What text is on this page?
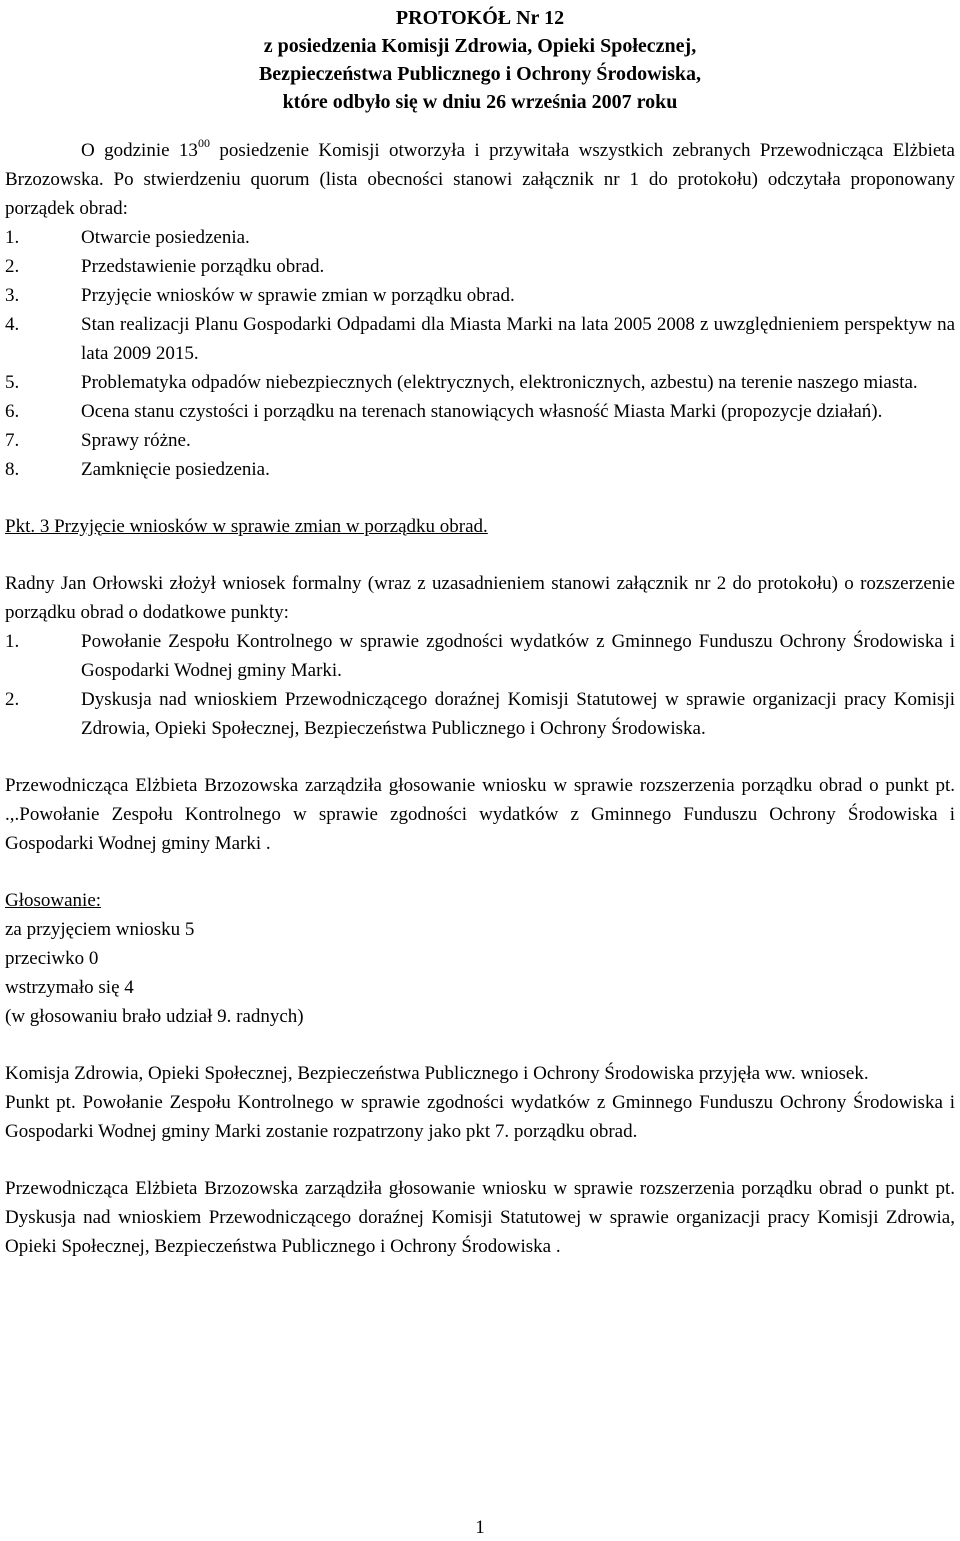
PROTOKÓŁ Nr 12
z posiedzenia Komisji Zdrowia, Opieki Społecznej,
Bezpieczeństwa Publicznego i Ochrony Środowiska,
które odbyło się w dniu 26 września 2007 roku

O godzinie $13^{00}$ posiedzenie Komisji otworzyła i przywitała wszystkich zebranych Przewodnicząca Elżbieta Brzozowska. Po stwierdzeniu quorum (lista obecności stanowi załącznik nr 1 do protokołu) odczytała proponowany porządek obrad:

1.	Otwarcie posiedzenia.
2.	Przedstawienie porządku obrad.
3.	Przyjęcie wniosków w sprawie zmian w porządku obrad.
4.	Stan realizacji Planu Gospodarki Odpadami dla Miasta Marki na lata 2005 2008 z uwzględnieniem perspektyw na lata 2009 2015.
5.	Problematyka odpadów niebezpiecznych (elektrycznych, elektronicznych, azbestu) na terenie naszego miasta.
6.	Ocena stanu czystości i porządku na terenach stanowiących własność Miasta Marki (propozycje działań).
7.	Sprawy różne.
8.	Zamknięcie posiedzenia.
Pkt. 3 Przyjęcie wniosków w sprawie zmian w porządku obrad.

Radny Jan Orłowski złożył wniosek formalny (wraz z uzasadnieniem stanowi załącznik nr 2 do protokołu) o rozszerzenie porządku obrad o dodatkowe punkty:

1.	Powołanie Zespołu Kontrolnego w sprawie zgodności wydatków z Gminnego Funduszu Ochrony Środowiska i Gospodarki Wodnej gminy Marki.
2.	Dyskusja nad wnioskiem Przewodniczącego doraźnej Komisji Statutowej w sprawie organizacji pracy Komisji Zdrowia, Opieki Społecznej, Bezpieczeństwa Publicznego i Ochrony Środowiska.

Przewodnicząca Elżbieta Brzozowska zarządziła głosowanie wniosku w sprawie rozszerzenia porządku obrad o punkt pt. .,.Powołanie Zespołu Kontrolnego w sprawie zgodności wydatków z Gminnego Funduszu Ochrony Środowiska i Gospodarki Wodnej gminy Marki .

Głosowanie:
za przyjęciem wniosku 5
przeciwko 0
wstrzymało się 4
(w głosowaniu brało udział 9. radnych)

Komisja Zdrowia, Opieki Społecznej, Bezpieczeństwa Publicznego i Ochrony Środowiska przyjęła ww. wniosek.

Punkt pt. Powołanie Zespołu Kontrolnego w sprawie zgodności wydatków z Gminnego Funduszu Ochrony Środowiska i Gospodarki Wodnej gminy Marki zostanie rozpatrzony jako pkt 7. porządku obrad.

Przewodnicząca Elżbieta Brzozowska zarządziła głosowanie wniosku w sprawie rozszerzenia porządku obrad o punkt pt. Dyskusja nad wnioskiem Przewodniczącego doraźnej Komisji Statutowej w sprawie organizacji pracy Komisji Zdrowia, Opieki Społecznej, Bezpieczeństwa Publicznego i Ochrony Środowiska .

1
